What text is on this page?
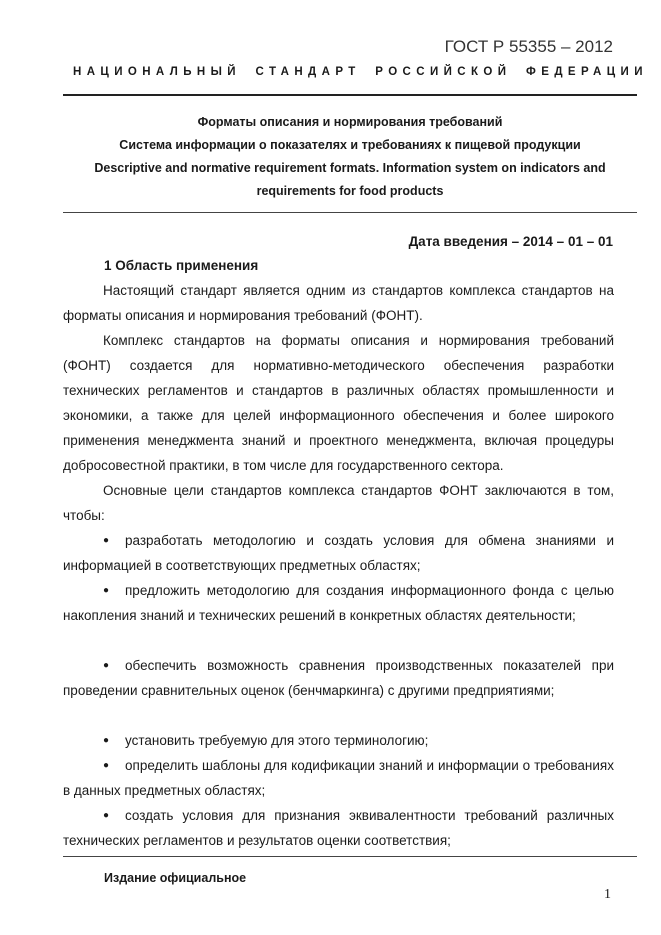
ГОСТ Р 55355 – 2012
НАЦИОНАЛЬНЫЙ СТАНДАРТ РОССИЙСКОЙ ФЕДЕРАЦИИ
Форматы описания и нормирования требований
Система информации о показателях и требованиях к пищевой продукции
Descriptive and normative requirement formats. Information system on indicators and
requirements for food products
Дата введения – 2014 – 01 – 01
1 Область применения

Настоящий стандарт является одним из стандартов комплекса стандартов на форматы описания и нормирования требований (ФОНТ).

Комплекс стандартов на форматы описания и нормирования требований (ФОНТ) создается для нормативно-методического обеспечения разработки технических регламентов и стандартов в различных областях промышленности и экономики, а также для целей информационного обеспечения и более широкого применения менеджмента знаний и проектного менеджмента, включая процедуры добросовестной практики, в том числе для государственного сектора.

Основные цели стандартов комплекса стандартов ФОНТ заключаются в том, чтобы:

● разработать методологию и создать условия для обмена знаниями и информацией в соответствующих предметных областях;

● предложить методологию для создания информационного фонда с целью накопления знаний и технических решений в конкретных областях деятельности;

● обеспечить возможность сравнения производственных показателей при проведении сравнительных оценок (бенчмаркинга) с другими предприятиями;

● установить требуемую для этого терминологию;

● определить шаблоны для кодификации знаний и информации о требованиях в данных предметных областях;

● создать условия для признания эквивалентности требований различных технических регламентов и результатов оценки соответствия;

Издание официальное
1
